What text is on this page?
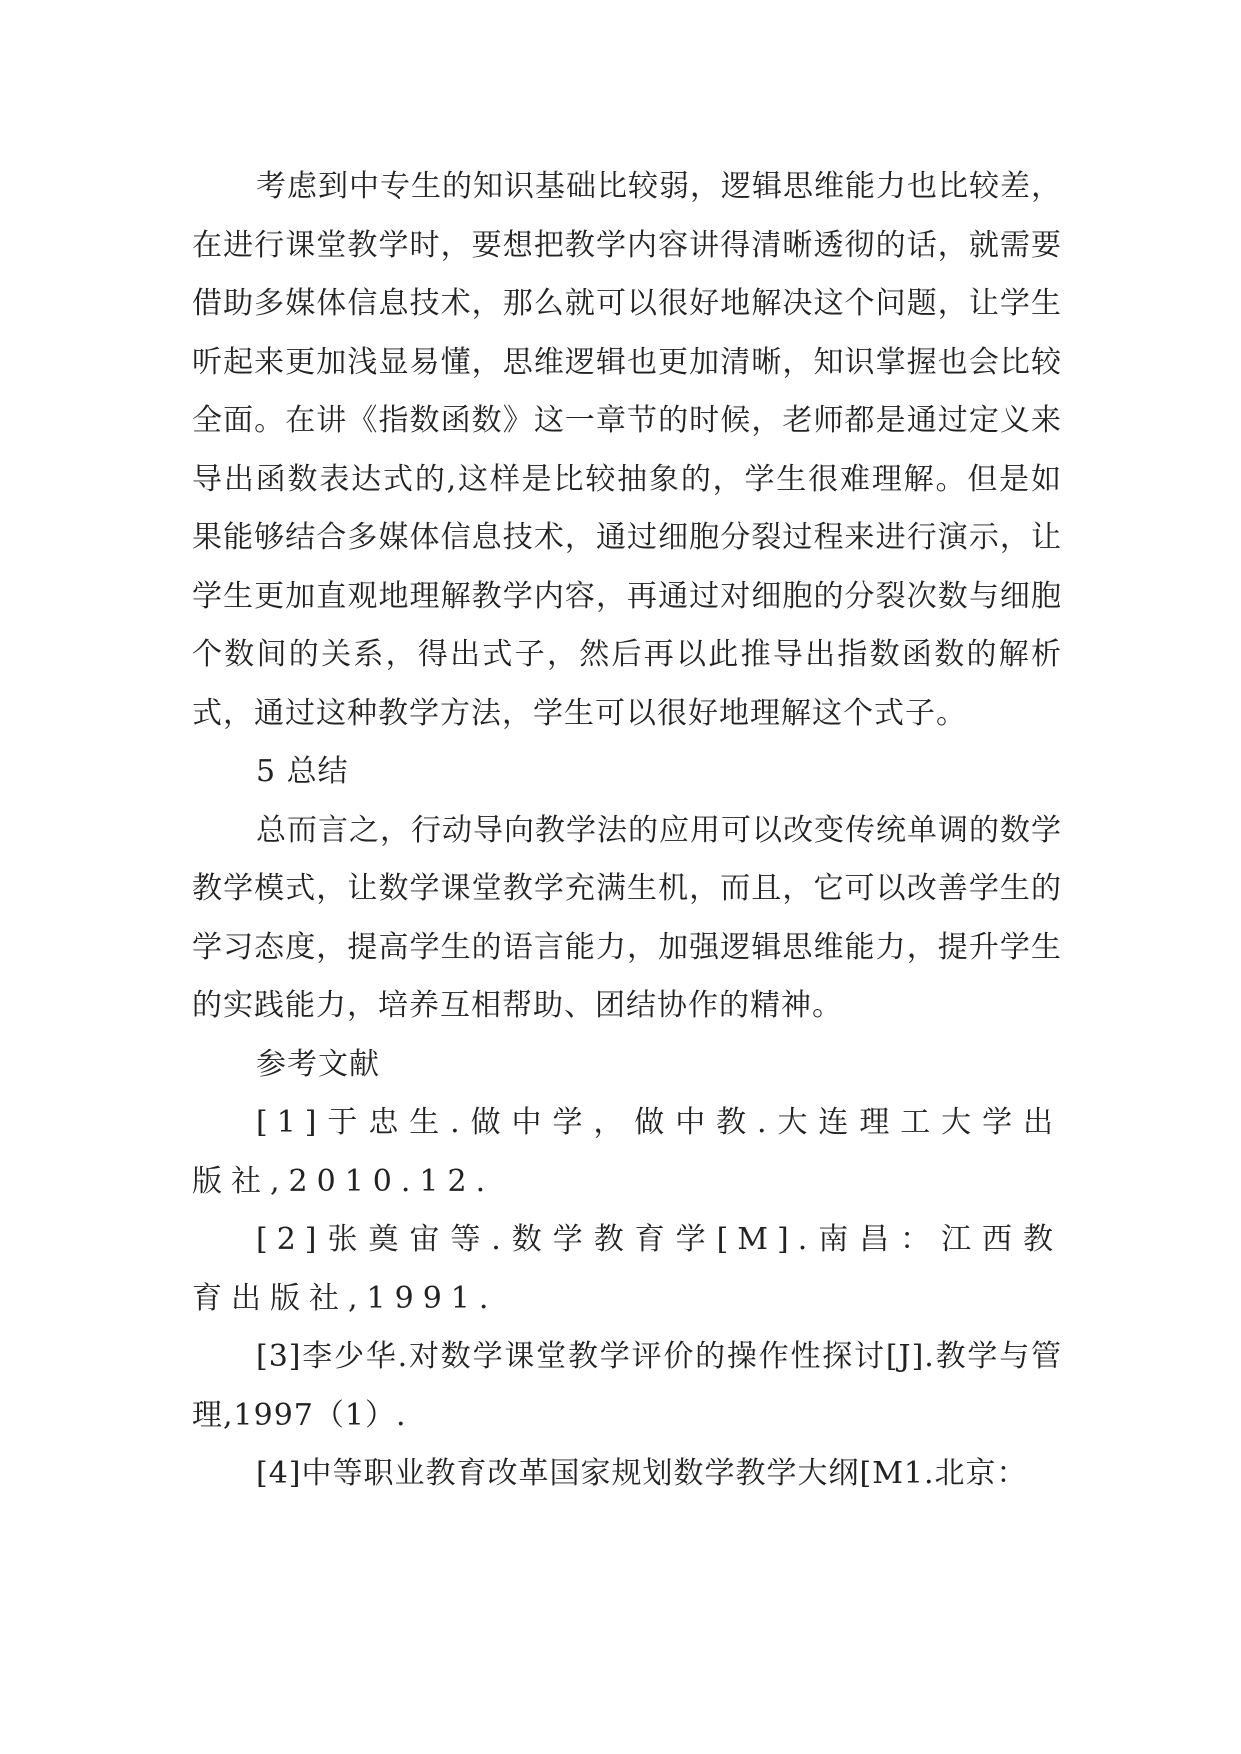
考虑到中专生的知识基础比较弱，逻辑思维能力也比较差，在进行课堂教学时，要想把教学内容讲得清晰透彻的话，就需要借助多媒体信息技术，那么就可以很好地解决这个问题，让学生听起来更加浅显易懂，思维逻辑也更加清晰，知识掌握也会比较全面。在讲《指数函数》这一章节的时候，老师都是通过定义来导出函数表达式的,这样是比较抽象的，学生很难理解。但是如果能够结合多媒体信息技术，通过细胞分裂过程来进行演示，让学生更加直观地理解教学内容，再通过对细胞的分裂次数与细胞个数间的关系，得出式子，然后再以此推导出指数函数的解析式，通过这种教学方法，学生可以很好地理解这个式子。

5 总结

总而言之，行动导向教学法的应用可以改变传统单调的数学教学模式，让数学课堂教学充满生机，而且，它可以改善学生的学习态度，提高学生的语言能力，加强逻辑思维能力，提升学生的实践能力，培养互相帮助、团结协作的精神。

参考文献

[1]于忠生.做中学，做中教.大连理工大学出版社,2010.12.

[2]张奠宙等.数学教育学[M].南昌：江西教育出版社,1991.

[3]李少华.对数学课堂教学评价的操作性探讨[J].教学与管理,1997（1）.

[4]中等职业教育改革国家规划数学教学大纲[M1.北京：
